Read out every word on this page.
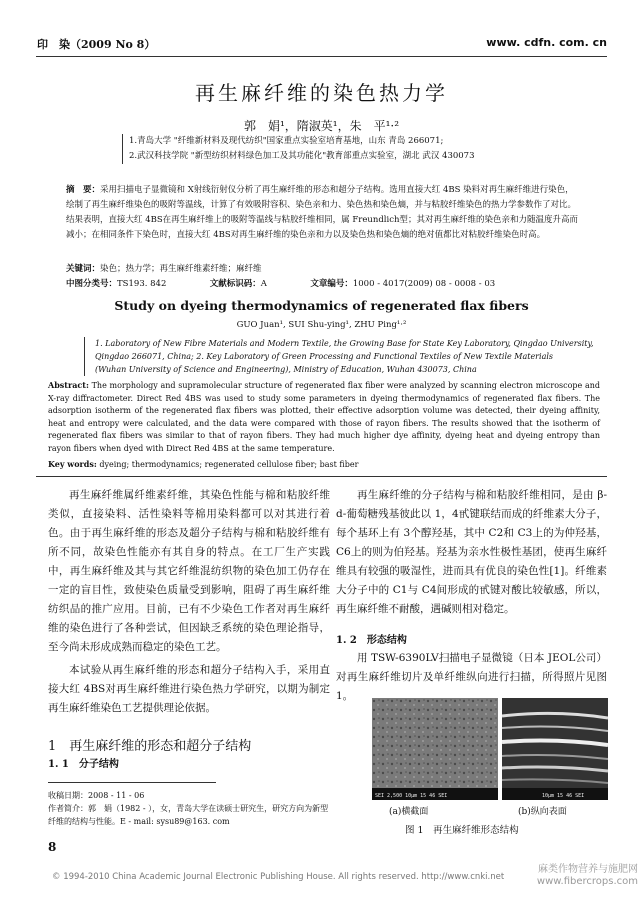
印　染（2009 No 8）	www. cdfn. com. cn
再生麻纤维的染色热力学
郭　娟¹，隋淑英¹，朱　平¹·²
1.青岛大学 "纤维新材料及现代纺织"国家重点实验室培育基地，山东 青岛 266071;
2.武汉科技学院 "新型纺织材料绿色加工及其功能化"教育部重点实验室，湖北 武汉 430073
摘　要：采用扫描电子显微镜和 X射线衍射仪分析了再生麻纤维的形态和超分子结构。选用直接大红 4BS 染料对再生麻纤维进行染色，绘制了再生麻纤维染色的吸附等温线，计算了有效吸附容积、染色亲和力、染色热和染色熵，并与粘胶纤维染色的热力学参数作了对比。结果表明，直接大红 4BS在再生麻纤维上的吸附等温线与粘胶纤维相同，属 Freundlich型；其对再生麻纤维的染色亲和力随温度升高而减小；在相同条件下染色时，直接大红 4BS对再生麻纤维的染色亲和力以及染色热和染色熵的绝对值都比对粘胶纤维染色时高。
关键词：染色；热力学；再生麻纤维素纤维；麻纤维
中图分类号：TS193. 842	文献标识码：A	文章编号：1000 - 4017(2009) 08 - 0008 - 03
Study on dyeing thermodynamics of regenerated flax fibers
GUO Juan¹, SUI Shu-ying¹, ZHU Ping¹·²
1. Laboratory of New Fibre Materials and Modern Textile, the Growing Base for State Key Laboratory, Qingdao University,
Qingdao 266071, China; 2. Key Laboratory of Green Processing and Functional Textiles of New Textile Materials
(Wuhan University of Science and Engineering), Ministry of Education, Wuhan 430073, China
Abstract: The morphology and supramolecular structure of regenerated flax fiber were analyzed by scanning electron microscope and X-ray diffractometer. Direct Red 4BS was used to study some parameters in dyeing thermodynamics of regenerated flax fibers. The adsorption isotherm of the regenerated flax fibers was plotted, their effective adsorption volume was detected, their dyeing affinity, heat and entropy were calculated, and the data were compared with those of rayon fibers. The results showed that the isotherm of regenerated flax fibers was similar to that of rayon fibers. They had much higher dye affinity, dyeing heat and dyeing entropy than rayon fibers when dyed with Direct Red 4BS at the same temperature.
Key words: dyeing; thermodynamics; regenerated cellulose fiber; bast fiber
再生麻纤维属纤维素纤维，其染色性能与棉和粘胶纤维类似，直接染料、活性染料等棉用染料都可以对其进行着色。由于再生麻纤维的形态及超分子结构与棉和粘胶纤维有所不同，故染色性能亦有其自身的特点。在工厂生产实践中，再生麻纤维及其与其它纤维混纺织物的染色加工仍存在一定的盲目性，致使染色质量受到影响，阻碍了再生麻纤维纺织品的推广应用。目前，已有不少染色工作者对再生麻纤维的染色进行了各种尝试，但因缺乏系统的染色理论指导，至今尚未形成成熟而稳定的染色工艺。
本试验从再生麻纤维的形态和超分子结构入手，采用直接大红 4BS对再生麻纤维进行染色热力学研究，以期为制定再生麻纤维染色工艺提供理论依据。
1　再生麻纤维的形态和超分子结构
1. 1　分子结构
收稿日期：2008 - 11 - 06
作者简介：郭　娟（1982 - ），女，青岛大学在读硕士研究生，研究方向为新型纤维的结构与性能。E - mail: sysu89@163. com
8
再生麻纤维的分子结构与棉和粘胶纤维相同，是由 β-d-葡萄糖残基彼此以 1，4甙键联结而成的纤维素大分子，每个基环上有 3个醇羟基，其中 C2和 C3上的为仲羟基，C6上的则为伯羟基。羟基为亲水性极性基团，使再生麻纤维具有较强的吸湿性，进而具有优良的染色性[1]。纤维素大分子中的 C1与 C4间形成的甙键对酸比较敏感，所以，再生麻纤维不耐酸，遇碱则相对稳定。
1. 2　形态结构
用 TSW-6390LV扫描电子显微镜（日本 JEOL公司）对再生麻纤维切片及单纤维纵向进行扫描，所得照片见图 1。
SEI 2,500 10μm 15 46 SEI	10μm 15 46 SEI
(a)横截面	(b)纵向表面
图 1　再生麻纤维形态结构
© 1994-2010 China Academic Journal Electronic Publishing House. All rights reserved. http://www.cnki.net
麻类作物营养与施肥网 www.fibercrops.com
